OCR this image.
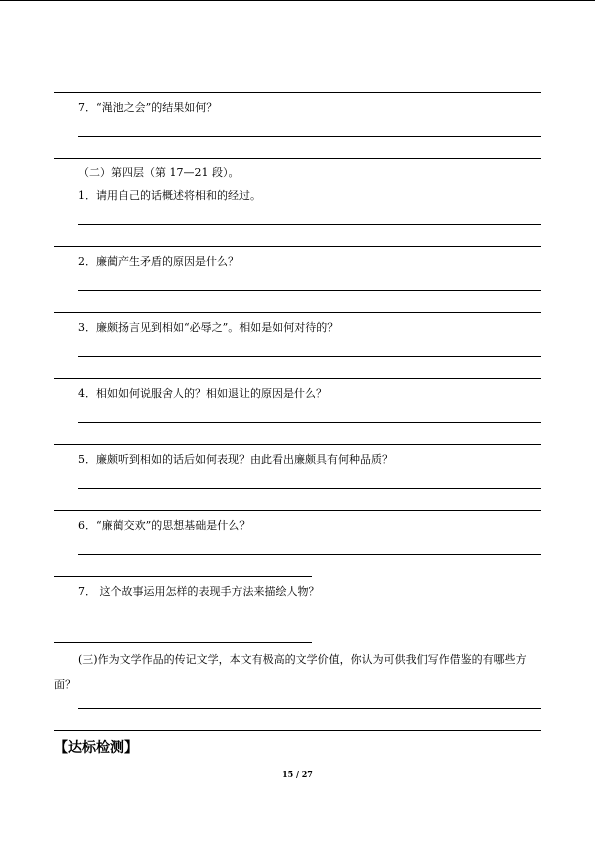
7．“渑池之会”的结果如何？
（二）第四层（第 17—21 段）。
1．请用自己的话概述将相和的经过。
2．廉蔺产生矛盾的原因是什么？
3．廉颇扬言见到相如“必辱之”。相如是如何对待的？
4．相如如何说服舍人的？相如退让的原因是什么？
5．廉颇听到相如的话后如何表现？由此看出廉颇具有何种品质？
6．“廉蔺交欢”的思想基础是什么？
7． 这个故事运用怎样的表现手方法来描绘人物？
(三)作为文学作品的传记文学，本文有极高的文学价值，你认为可供我们写作借鉴的有哪些方面？
【达标检测】
15 / 27
